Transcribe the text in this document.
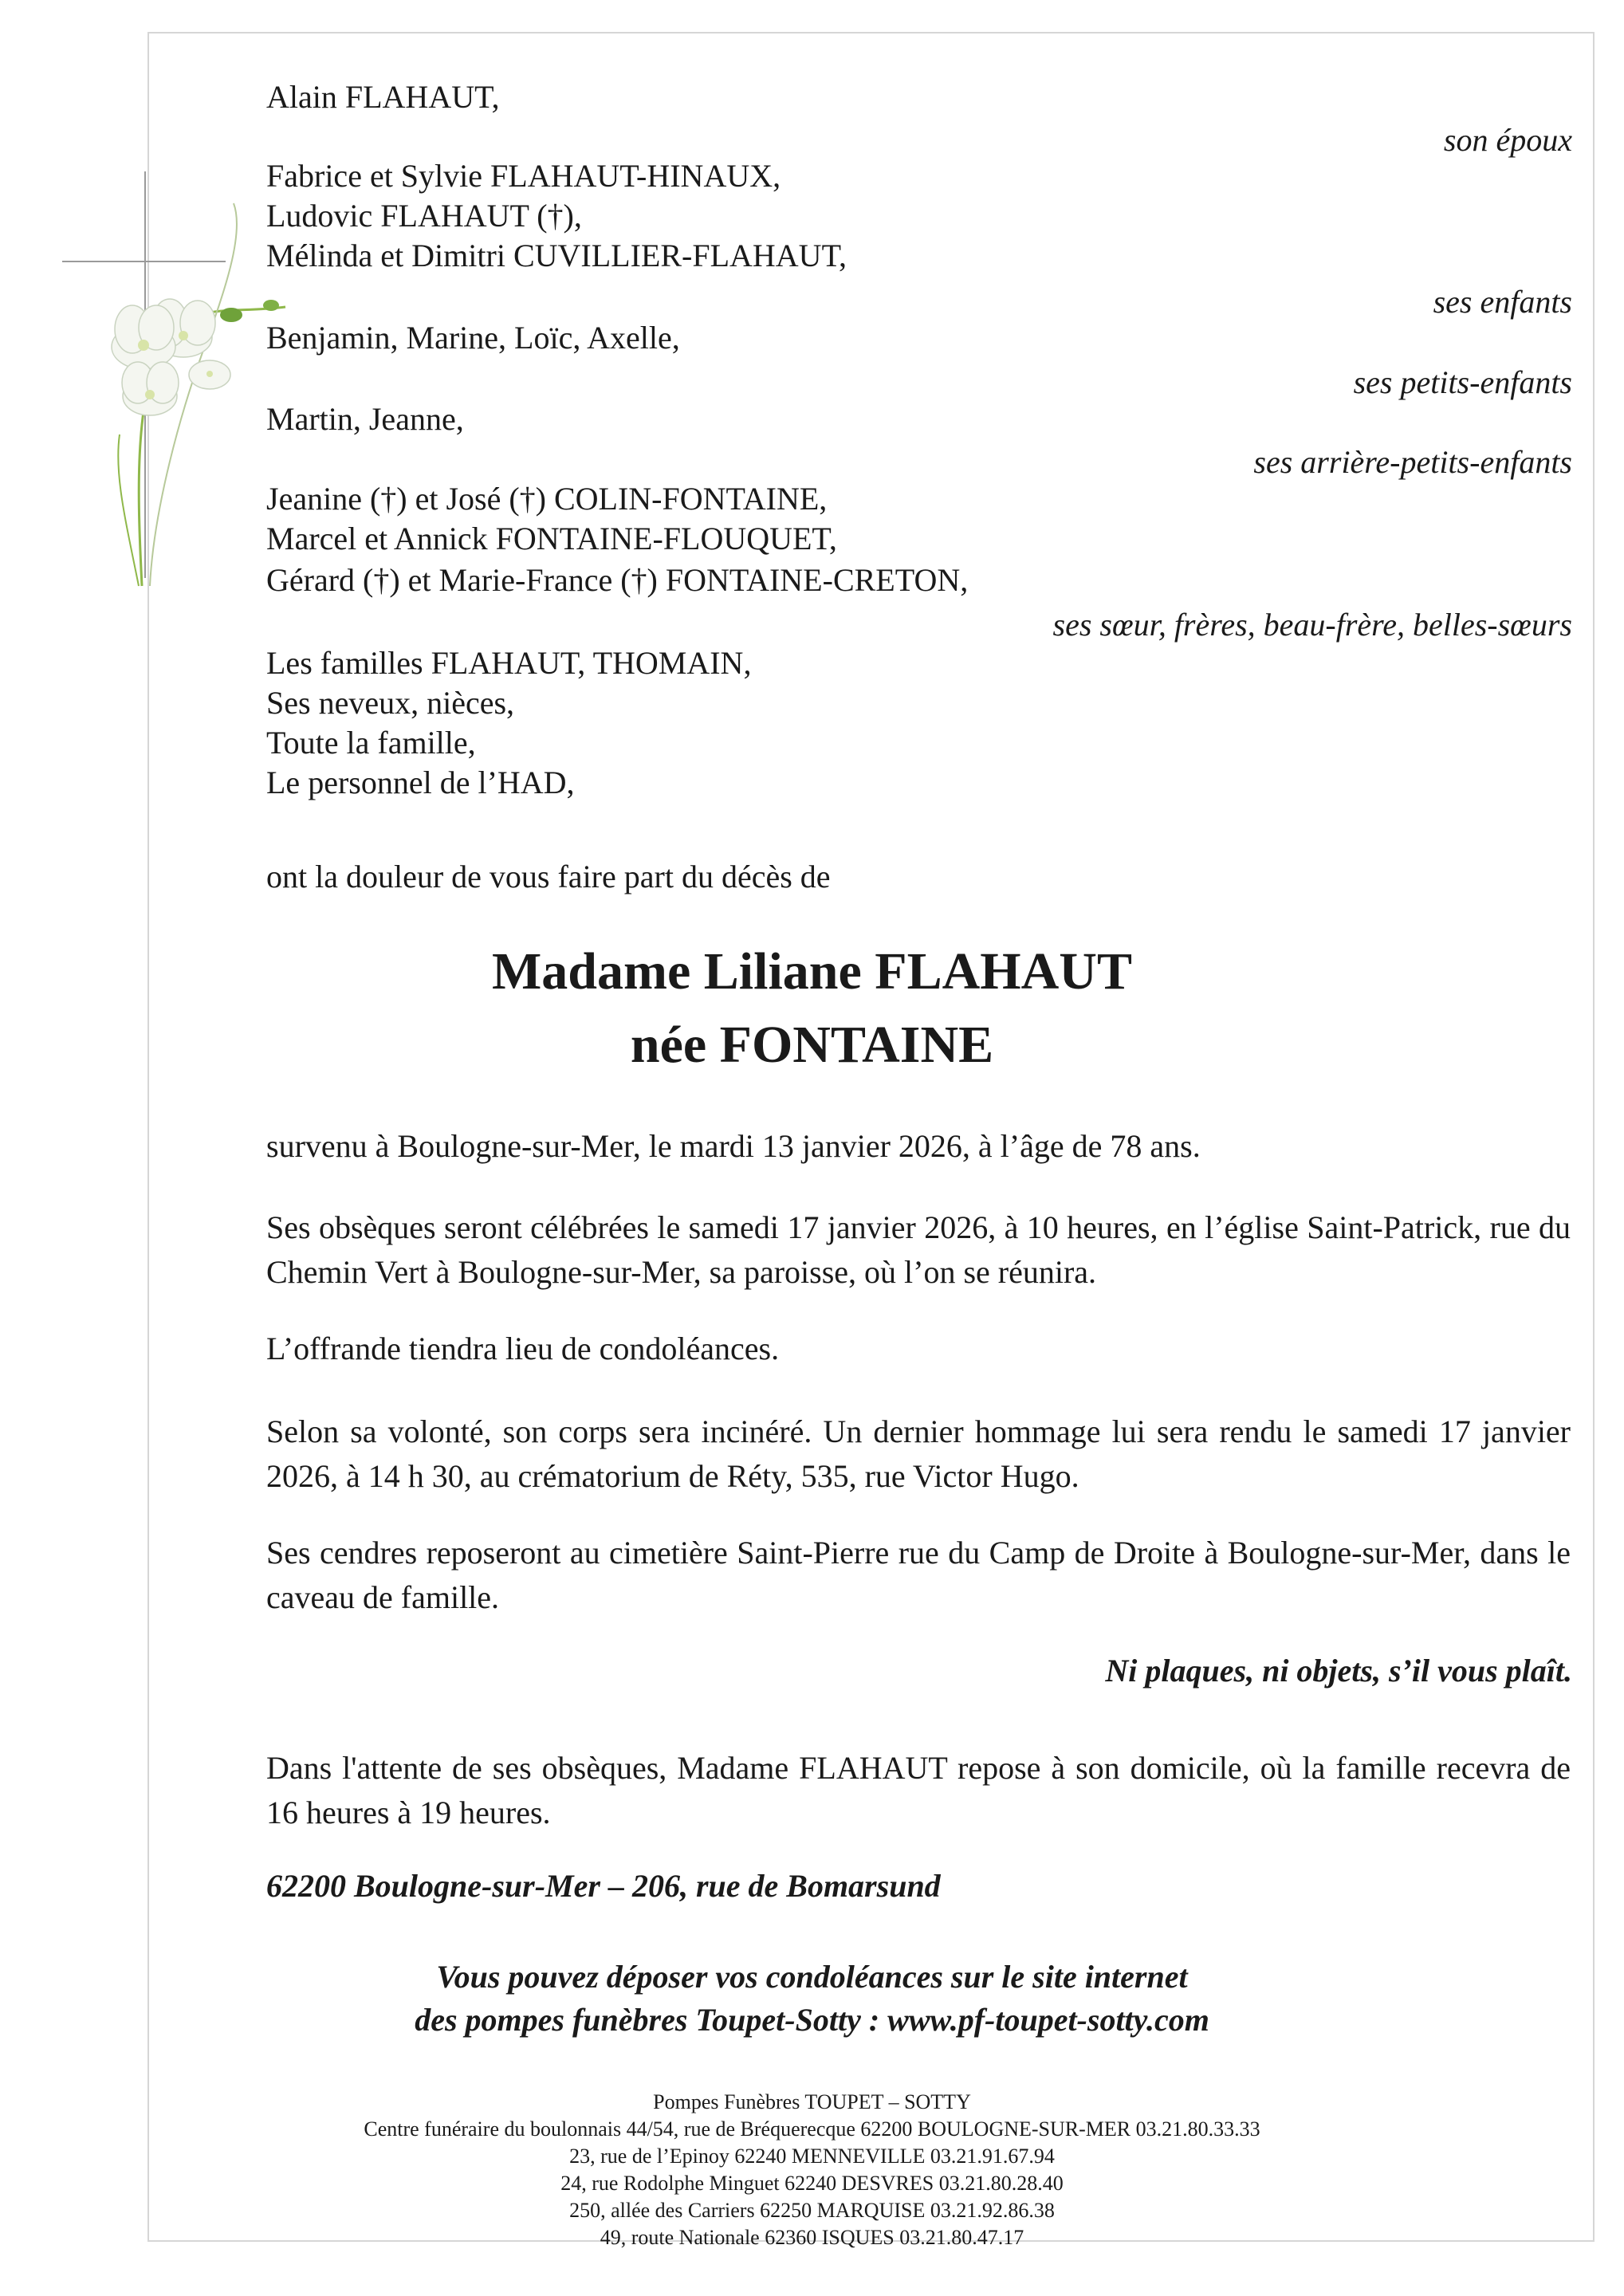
Alain FLAHAUT,
son époux
Fabrice et Sylvie FLAHAUT-HINAUX,
Ludovic FLAHAUT (†),
Mélinda et Dimitri CUVILLIER-FLAHAUT,
ses enfants
Benjamin, Marine, Loïc, Axelle,
ses petits-enfants
Martin, Jeanne,
ses arrière-petits-enfants
Jeanine (†) et José (†) COLIN-FONTAINE,
Marcel et Annick FONTAINE-FLOUQUET,
Gérard (†) et Marie-France (†) FONTAINE-CRETON,
ses sœur, frères, beau-frère, belles-sœurs
Les familles FLAHAUT, THOMAIN,
Ses neveux, nièces,
Toute la famille,
Le personnel de l’HAD,
ont la douleur de vous faire part du décès de
Madame Liliane FLAHAUT
née FONTAINE
survenu à Boulogne-sur-Mer, le mardi 13 janvier 2026, à l’âge de 78 ans.
Ses obsèques seront célébrées le samedi 17 janvier 2026, à 10 heures, en l’église Saint-Patrick, rue du Chemin Vert à Boulogne-sur-Mer, sa paroisse, où l’on se réunira.
L’offrande tiendra lieu de condoléances.
Selon sa volonté, son corps sera incinéré. Un dernier hommage lui sera rendu le samedi 17 janvier 2026, à 14 h 30, au crématorium de Réty, 535, rue Victor Hugo.
Ses cendres reposeront au cimetière Saint-Pierre rue du Camp de Droite à Boulogne-sur-Mer, dans le caveau de famille.
Ni plaques, ni objets, s’il vous plaît.
Dans l'attente de ses obsèques, Madame FLAHAUT repose à son domicile, où la famille recevra de 16 heures à 19 heures.
62200 Boulogne-sur-Mer – 206, rue de Bomarsund
Vous pouvez déposer vos condoléances sur le site internet
des pompes funèbres Toupet-Sotty : www.pf-toupet-sotty.com
Pompes Funèbres TOUPET – SOTTY
Centre funéraire du boulonnais 44/54, rue de Bréquerecque 62200 BOULOGNE-SUR-MER 03.21.80.33.33
23, rue de l’Epinoy 62240 MENNEVILLE 03.21.91.67.94
24, rue Rodolphe Minguet 62240 DESVRES 03.21.80.28.40
250, allée des Carriers 62250 MARQUISE 03.21.92.86.38
49, route Nationale 62360 ISQUES 03.21.80.47.17
